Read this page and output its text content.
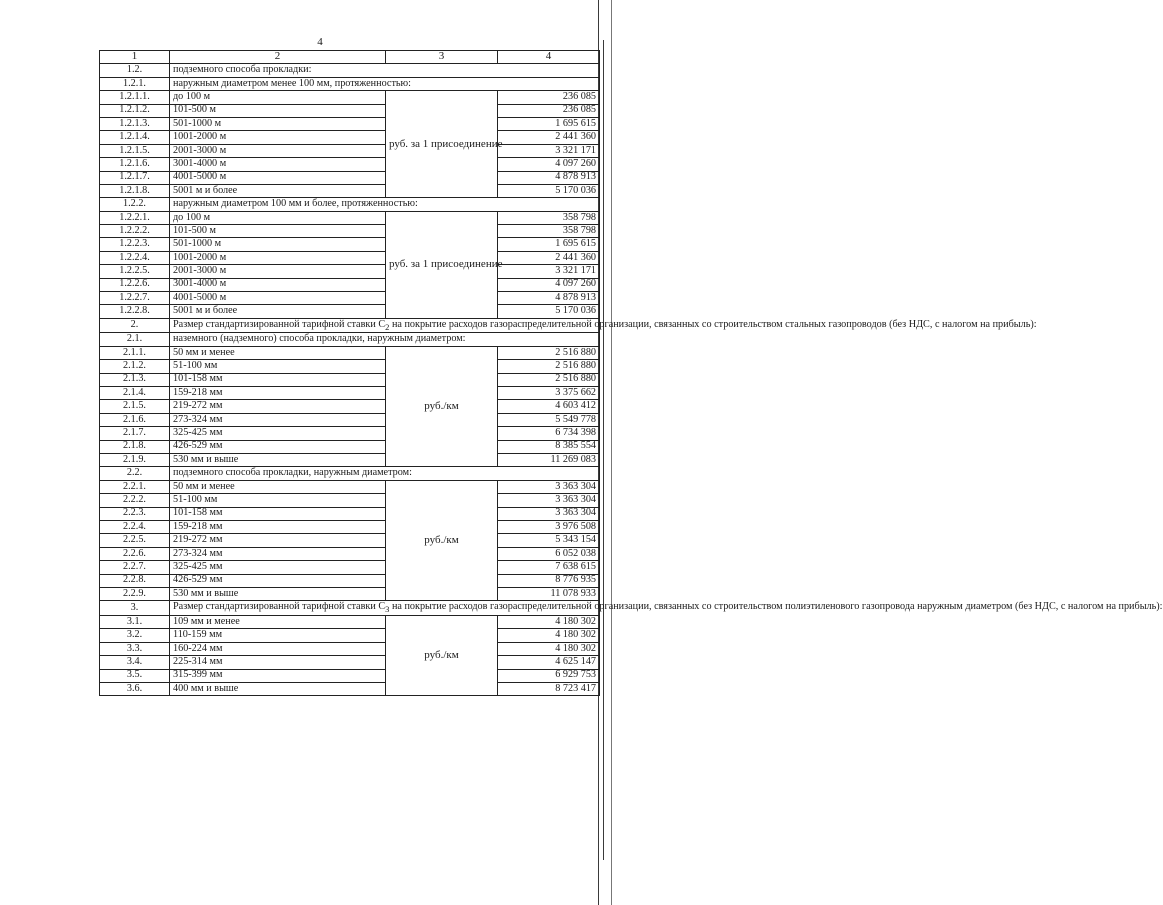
4
1	2	3	4
1.2.	подземного способа прокладки:		
1.2.1.	наружным диаметром менее 100 мм, протяженностью:		
1.2.1.1.	до 100 м	руб. за 1 присоединение	236 085
1.2.1.2.	101-500 м		236 085
1.2.1.3.	501-1000 м		1 695 615
1.2.1.4.	1001-2000 м		2 441 360
1.2.1.5.	2001-3000 м		3 321 171
1.2.1.6.	3001-4000 м		4 097 260
1.2.1.7.	4001-5000 м		4 878 913
1.2.1.8.	5001 м и более		5 170 036
1.2.2.	наружным диаметром 100 мм и более, протяженностью:		
1.2.2.1.	до 100 м	руб. за 1 присоединение	358 798
1.2.2.2.	101-500 м		358 798
1.2.2.3.	501-1000 м		1 695 615
1.2.2.4.	1001-2000 м		2 441 360
1.2.2.5.	2001-3000 м		3 321 171
1.2.2.6.	3001-4000 м		4 097 260
1.2.2.7.	4001-5000 м		4 878 913
1.2.2.8.	5001 м и более		5 170 036
2.	Размер стандартизированной тарифной ставки $С_2$ на покрытие расходов газораспределительной организации, связанных со строительством стальных газопроводов (без НДС, с налогом на прибыль):		
2.1.	наземного (надземного) способа прокладки, наружным диаметром:		
2.1.1.	50 мм и менее	руб./км	2 516 880
2.1.2.	51-100 мм		2 516 880
2.1.3.	101-158 мм		2 516 880
2.1.4.	159-218 мм		3 375 662
2.1.5.	219-272 мм		4 603 412
2.1.6.	273-324 мм		5 549 778
2.1.7.	325-425 мм		6 734 398
2.1.8.	426-529 мм		8 385 554
2.1.9.	530 мм и выше		11 269 083
2.2.	подземного способа прокладки, наружным диаметром:		
2.2.1.	50 мм и менее	руб./км	3 363 304
2.2.2.	51-100 мм		3 363 304
2.2.3.	101-158 мм		3 363 304
2.2.4.	159-218 мм		3 976 508
2.2.5.	219-272 мм		5 343 154
2.2.6.	273-324 мм		6 052 038
2.2.7.	325-425 мм		7 638 615
2.2.8.	426-529 мм		8 776 935
2.2.9.	530 мм и выше		11 078 933
3.	Размер стандартизированной тарифной ставки $С_3$ на покрытие расходов газораспределительной организации, связанных со строительством полиэтиленового газопровода наружным диаметром (без НДС, с налогом на прибыль):		
3.1.	109 мм и менее	руб./км	4 180 302
3.2.	110-159 мм		4 180 302
3.3.	160-224 мм		4 180 302
3.4.	225-314 мм		4 625 147
3.5.	315-399 мм		6 929 753
3.6.	400 мм и выше		8 723 417
